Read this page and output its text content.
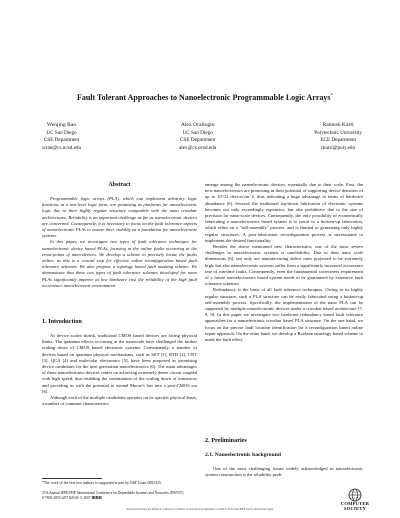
Fault Tolerant Approaches to Nanoelectronic Programmable Logic Arrays*
Wenjing Rao
UC San Diego
CSE Department
wrao@cs.ucsd.edu
Alex Orailoglu
UC San Diego
CSE Department
alex@cs.ucsd.edu
Ramesh Karri
Polytechnic University
ECE Department
rkarri@poly.edu
Abstract

Programmable logic arrays (PLA), which can implement arbitrary logic functions in a two-level logic form, are promising as platforms for nanoelectronic logic due to their highly regular structure compatible with the nano crossbar architectures. Reliability is an important challenge as far as nanoelectronic devices are concerned. Consequently, it is necessary to focus on the fault tolerance aspects of nanoelectronic PLAs to ensure their viability as a foundation for nanoelectronic systems.

In this paper, we investigate two types of fault tolerance techniques for nanoelectronic device based PLAs, focusing at the online faults occurring at the cross-points of nano-devices. We develop a scheme to precisely locate the faults online, as this is a crucial step for effective online reconfiguration based fault tolerance schemes. We also propose a topology based fault masking scheme. We demonstrate that these two types of fault tolerance schemes developed for nano PLAs significantly improve at low hardware cost the reliability of the high fault occurrence nanoelectronic environment.

1. Introduction

As device scales shrink, traditional CMOS based devices are facing physical limits. The quantum effects occurring at the nanoscale have challenged the further scaling down of CMOS based electronic systems. Consequently, a number of devices based on quantum physical mechanisms, such as SET [1], RTD [2], CNT [3], QCA [4] and molecular electronics [5], have been proposed as promising device candidates for the next generation nanoelectronics [6]. The main advantages of these nanoelectronic devices center on achieving extremely dense circuit coupled with high speed, thus enabling the continuation of the scaling down of transistors and providing us with the potential to extend Moore's law into a post-CMOS era [6].

Although each of the multiple candidates operates on its specific physical basis, a number of common characteristics

emerge among the nanoelectronic devices, essentially due to their scale. First, the new nanoelectronics are promising in their potential of supporting device densities of up to 10^12 device/cm^2, thus indicating a huge advantage in terms of hardware abundance [6]. Second, the traditional top-down fabrication of electronic systems becomes not only exceedingly expensive, but also prohibitive due to the size of precision for nano-scale devices. Consequently, the only possibility of economically fabricating a nanoelectronics based system is to resort to a bottom-up fabrication, which relies on a "self-assembly" process, and is limited to generating only highly regular structures. A post-fabrication reconfiguration process is necessitated to implement the desired functionality.

Besides the above mentioned new characteristics, one of the most severe challenges in nanoelectronic systems is unreliability. Due to their nano scale dimensions [6], not only are manufacturing defect rates projected to be extremely high, but also nanoelectronic systems suffer from a significantly increased occurrence rate of run-time faults. Consequently, even the fundamental correctness requirement of a future nanoelectronics based system needs to be guaranteed by extensive fault tolerance schemes.

Redundancy is the basis of all fault tolerance techniques. Owing to its highly regular structure, such a PLA structure can be easily fabricated using a bottom-up self-assembly process. Specifically, the implementation of the nano PLA can be supported by multiple nanoelectronic devices under a crossbar based architecture [7, 8, 9]. In this paper we investigate two hardware redundancy based fault tolerance approaches for a nanoelectronic crossbar based PLA structure. On the one hand, we focus on the precise fault location identification for a reconfiguration based online repair approach. On the other hand, we develop a Boolean tautology based scheme to mask the fault effect.

2. Preliminaries
2.1. Nanoelectronic background

One of the most challenging issues widely acknowledged in nanoelectronic system construction is the reliability prob-

*The work of the first two authors is supported in part by NSF Grant 0082325.
37th Annual IEEE/IFIP International Conference on Dependable Systems and Networks (DSN'07)
0-7695-2855-4/07 $20.00 © 2007 IEEE
COMPUTER
SOCIETY
Authorized licensed use limited to: University of Illinois. Downloaded on September 14, 2009 at 18:33 from IEEE Xplore. Restrictions apply.
